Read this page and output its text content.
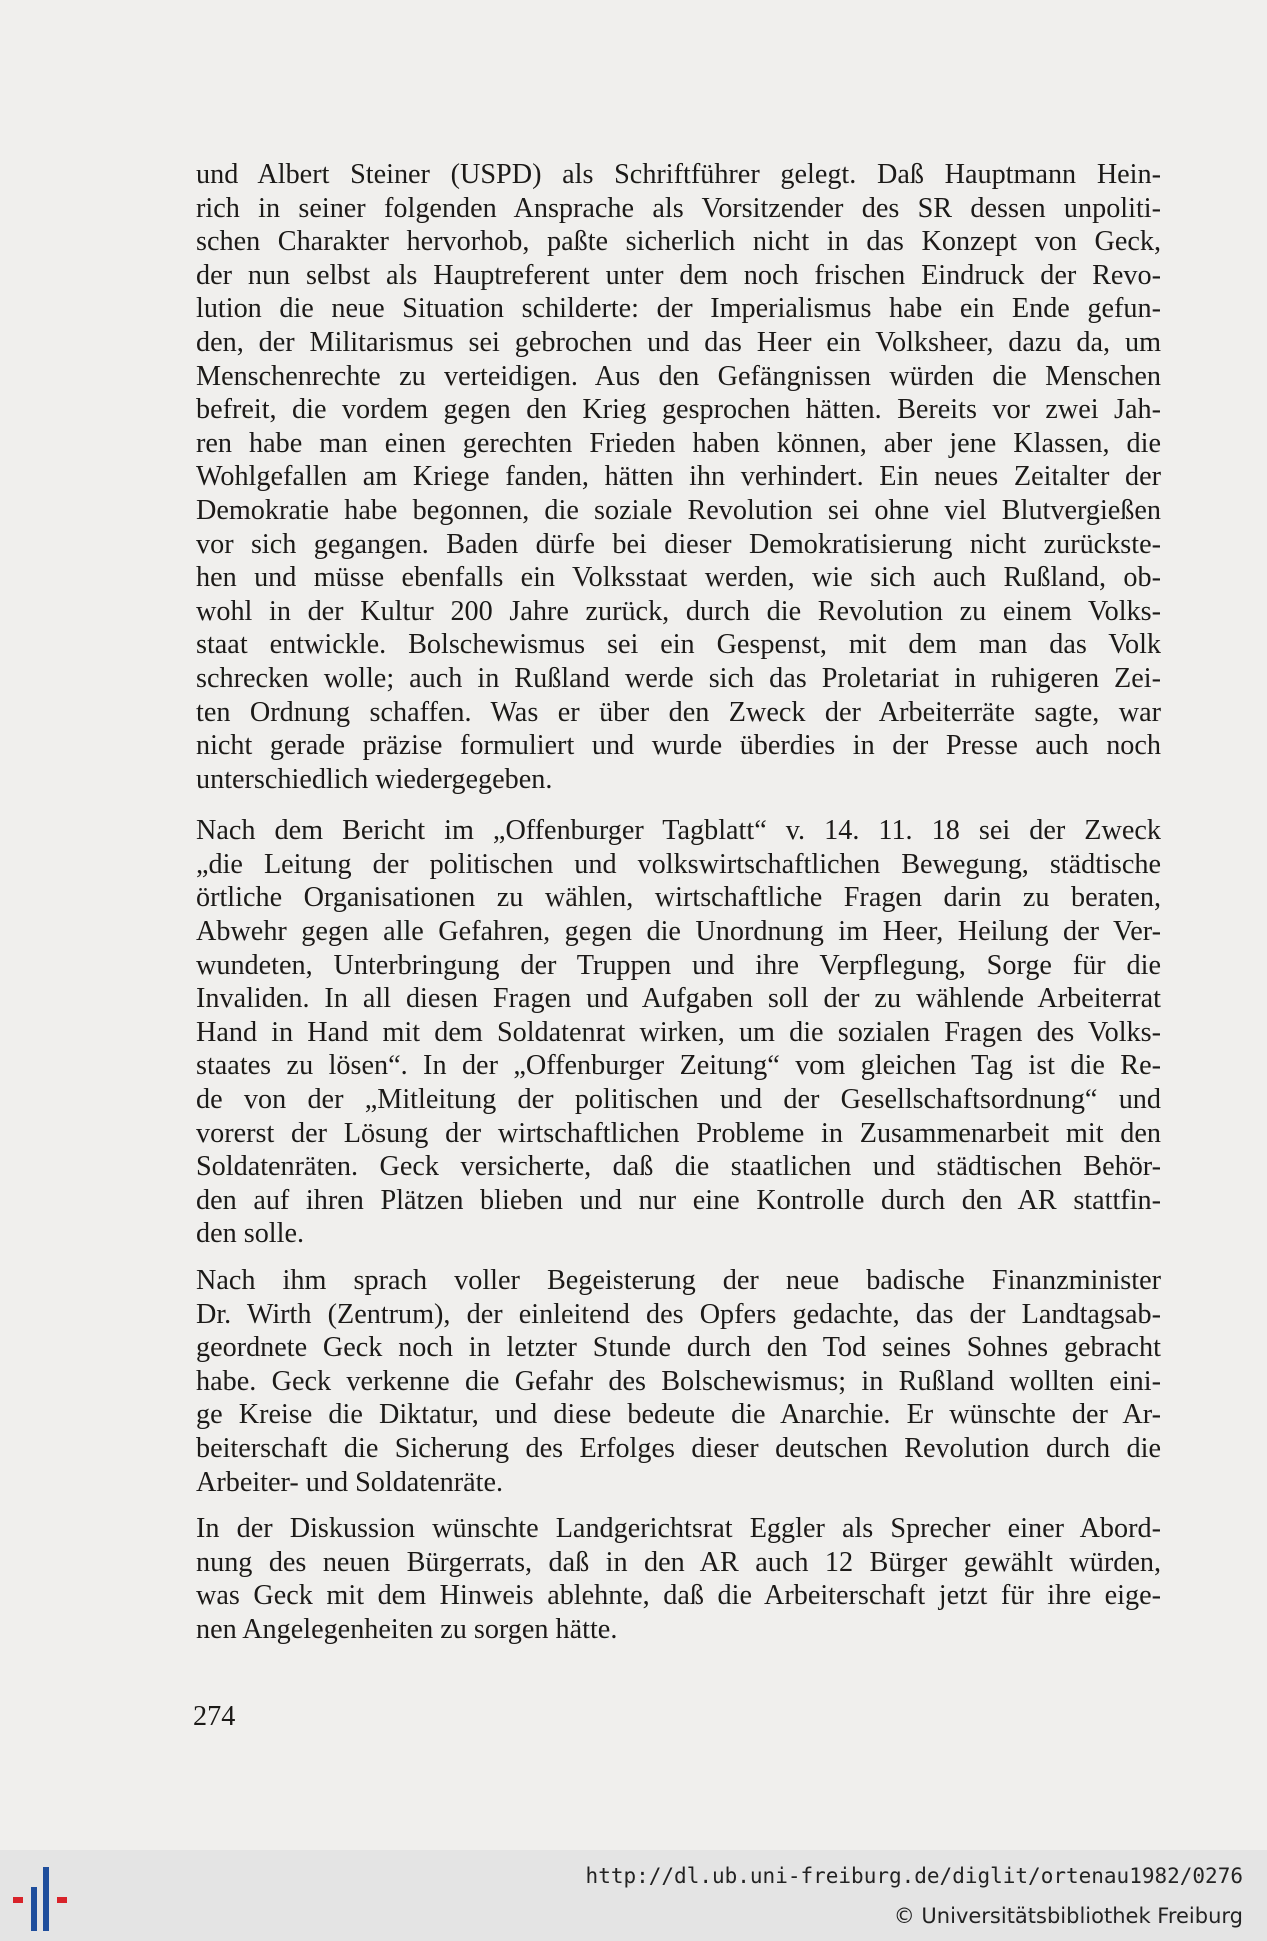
und Albert Steiner (USPD) als Schriftführer gelegt. Daß Hauptmann Hein-
rich in seiner folgenden Ansprache als Vorsitzender des SR dessen unpoliti-
schen Charakter hervorhob, paßte sicherlich nicht in das Konzept von Geck,
der nun selbst als Hauptreferent unter dem noch frischen Eindruck der Revo-
lution die neue Situation schilderte: der Imperialismus habe ein Ende gefun-
den, der Militarismus sei gebrochen und das Heer ein Volksheer, dazu da, um
Menschenrechte zu verteidigen. Aus den Gefängnissen würden die Menschen
befreit, die vordem gegen den Krieg gesprochen hätten. Bereits vor zwei Jah-
ren habe man einen gerechten Frieden haben können, aber jene Klassen, die
Wohlgefallen am Kriege fanden, hätten ihn verhindert. Ein neues Zeitalter der
Demokratie habe begonnen, die soziale Revolution sei ohne viel Blutvergießen
vor sich gegangen. Baden dürfe bei dieser Demokratisierung nicht zurückste-
hen und müsse ebenfalls ein Volksstaat werden, wie sich auch Rußland, ob-
wohl in der Kultur 200 Jahre zurück, durch die Revolution zu einem Volks-
staat entwickle. Bolschewismus sei ein Gespenst, mit dem man das Volk
schrecken wolle; auch in Rußland werde sich das Proletariat in ruhigeren Zei-
ten Ordnung schaffen. Was er über den Zweck der Arbeiterräte sagte, war
nicht gerade präzise formuliert und wurde überdies in der Presse auch noch
unterschiedlich wiedergegeben.

Nach dem Bericht im „Offenburger Tagblatt“ v. 14. 11. 18 sei der Zweck
„die Leitung der politischen und volkswirtschaftlichen Bewegung, städtische
örtliche Organisationen zu wählen, wirtschaftliche Fragen darin zu beraten,
Abwehr gegen alle Gefahren, gegen die Unordnung im Heer, Heilung der Ver-
wundeten, Unterbringung der Truppen und ihre Verpflegung, Sorge für die
Invaliden. In all diesen Fragen und Aufgaben soll der zu wählende Arbeiterrat
Hand in Hand mit dem Soldatenrat wirken, um die sozialen Fragen des Volks-
staates zu lösen“. In der „Offenburger Zeitung“ vom gleichen Tag ist die Re-
de von der „Mitleitung der politischen und der Gesellschaftsordnung“ und
vorerst der Lösung der wirtschaftlichen Probleme in Zusammenarbeit mit den
Soldatenräten. Geck versicherte, daß die staatlichen und städtischen Behör-
den auf ihren Plätzen blieben und nur eine Kontrolle durch den AR stattfin-
den solle.

Nach ihm sprach voller Begeisterung der neue badische Finanzminister
Dr. Wirth (Zentrum), der einleitend des Opfers gedachte, das der Landtagsab-
geordnete Geck noch in letzter Stunde durch den Tod seines Sohnes gebracht
habe. Geck verkenne die Gefahr des Bolschewismus; in Rußland wollten eini-
ge Kreise die Diktatur, und diese bedeute die Anarchie. Er wünschte der Ar-
beiterschaft die Sicherung des Erfolges dieser deutschen Revolution durch die
Arbeiter- und Soldatenräte.

In der Diskussion wünschte Landgerichtsrat Eggler als Sprecher einer Abord-
nung des neuen Bürgerrats, daß in den AR auch 12 Bürger gewählt würden,
was Geck mit dem Hinweis ablehnte, daß die Arbeiterschaft jetzt für ihre eige-
nen Angelegenheiten zu sorgen hätte.

274
http://dl.ub.uni-freiburg.de/diglit/ortenau1982/0276
© Universitätsbibliothek Freiburg
